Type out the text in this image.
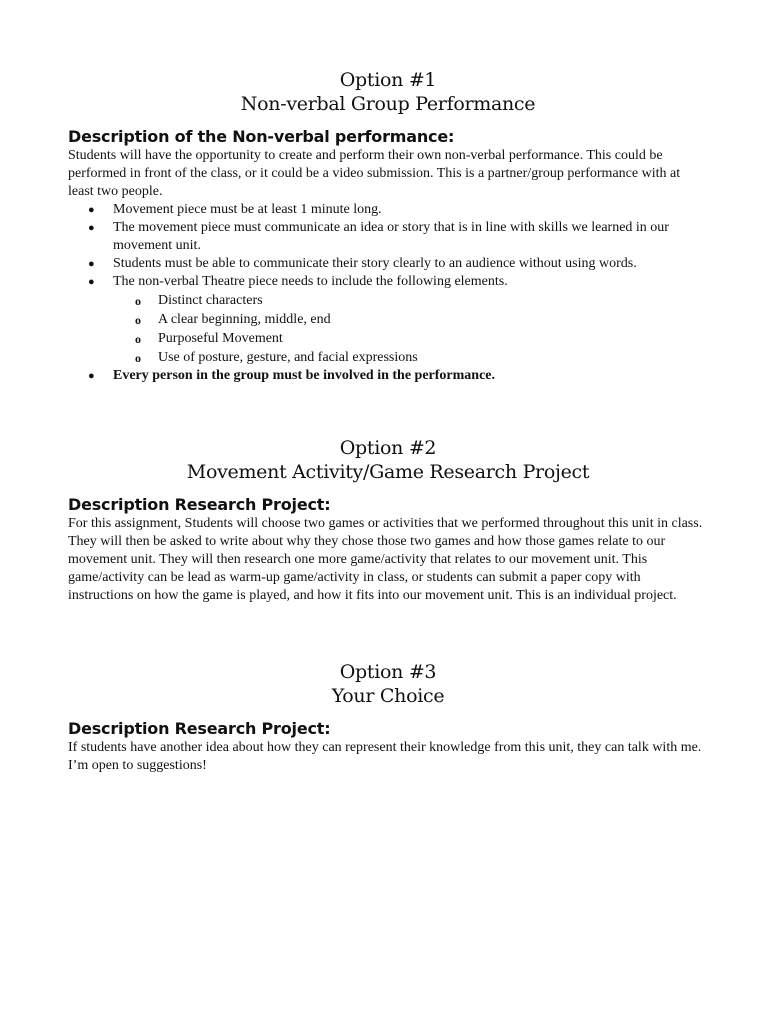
Option #1
Non-verbal Group Performance
Description of the Non-verbal performance:

Students will have the opportunity to create and perform their own non-verbal performance. This could be performed in front of the class, or it could be a video submission. This is a partner/group performance with at least two people.

● Movement piece must be at least 1 minute long.
● The movement piece must communicate an idea or story that is in line with skills we learned in our movement unit.
● Students must be able to communicate their story clearly to an audience without using words.
● The non-verbal Theatre piece needs to include the following elements.
o Distinct characters
o A clear beginning, middle, end
o Purposeful Movement
o Use of posture, gesture, and facial expressions
● Every person in the group must be involved in the performance.
Option #2
Movement Activity/Game Research Project
Description Research Project:

For this assignment, Students will choose two games or activities that we performed throughout this unit in class. They will then be asked to write about why they chose those two games and how those games relate to our movement unit. They will then research one more game/activity that relates to our movement unit. This game/activity can be lead as warm-up game/activity in class, or students can submit a paper copy with instructions on how the game is played, and how it fits into our movement unit. This is an individual project.

Option #3
Your Choice
Description Research Project:

If students have another idea about how they can represent their knowledge from this unit, they can talk with me. I’m open to suggestions!
